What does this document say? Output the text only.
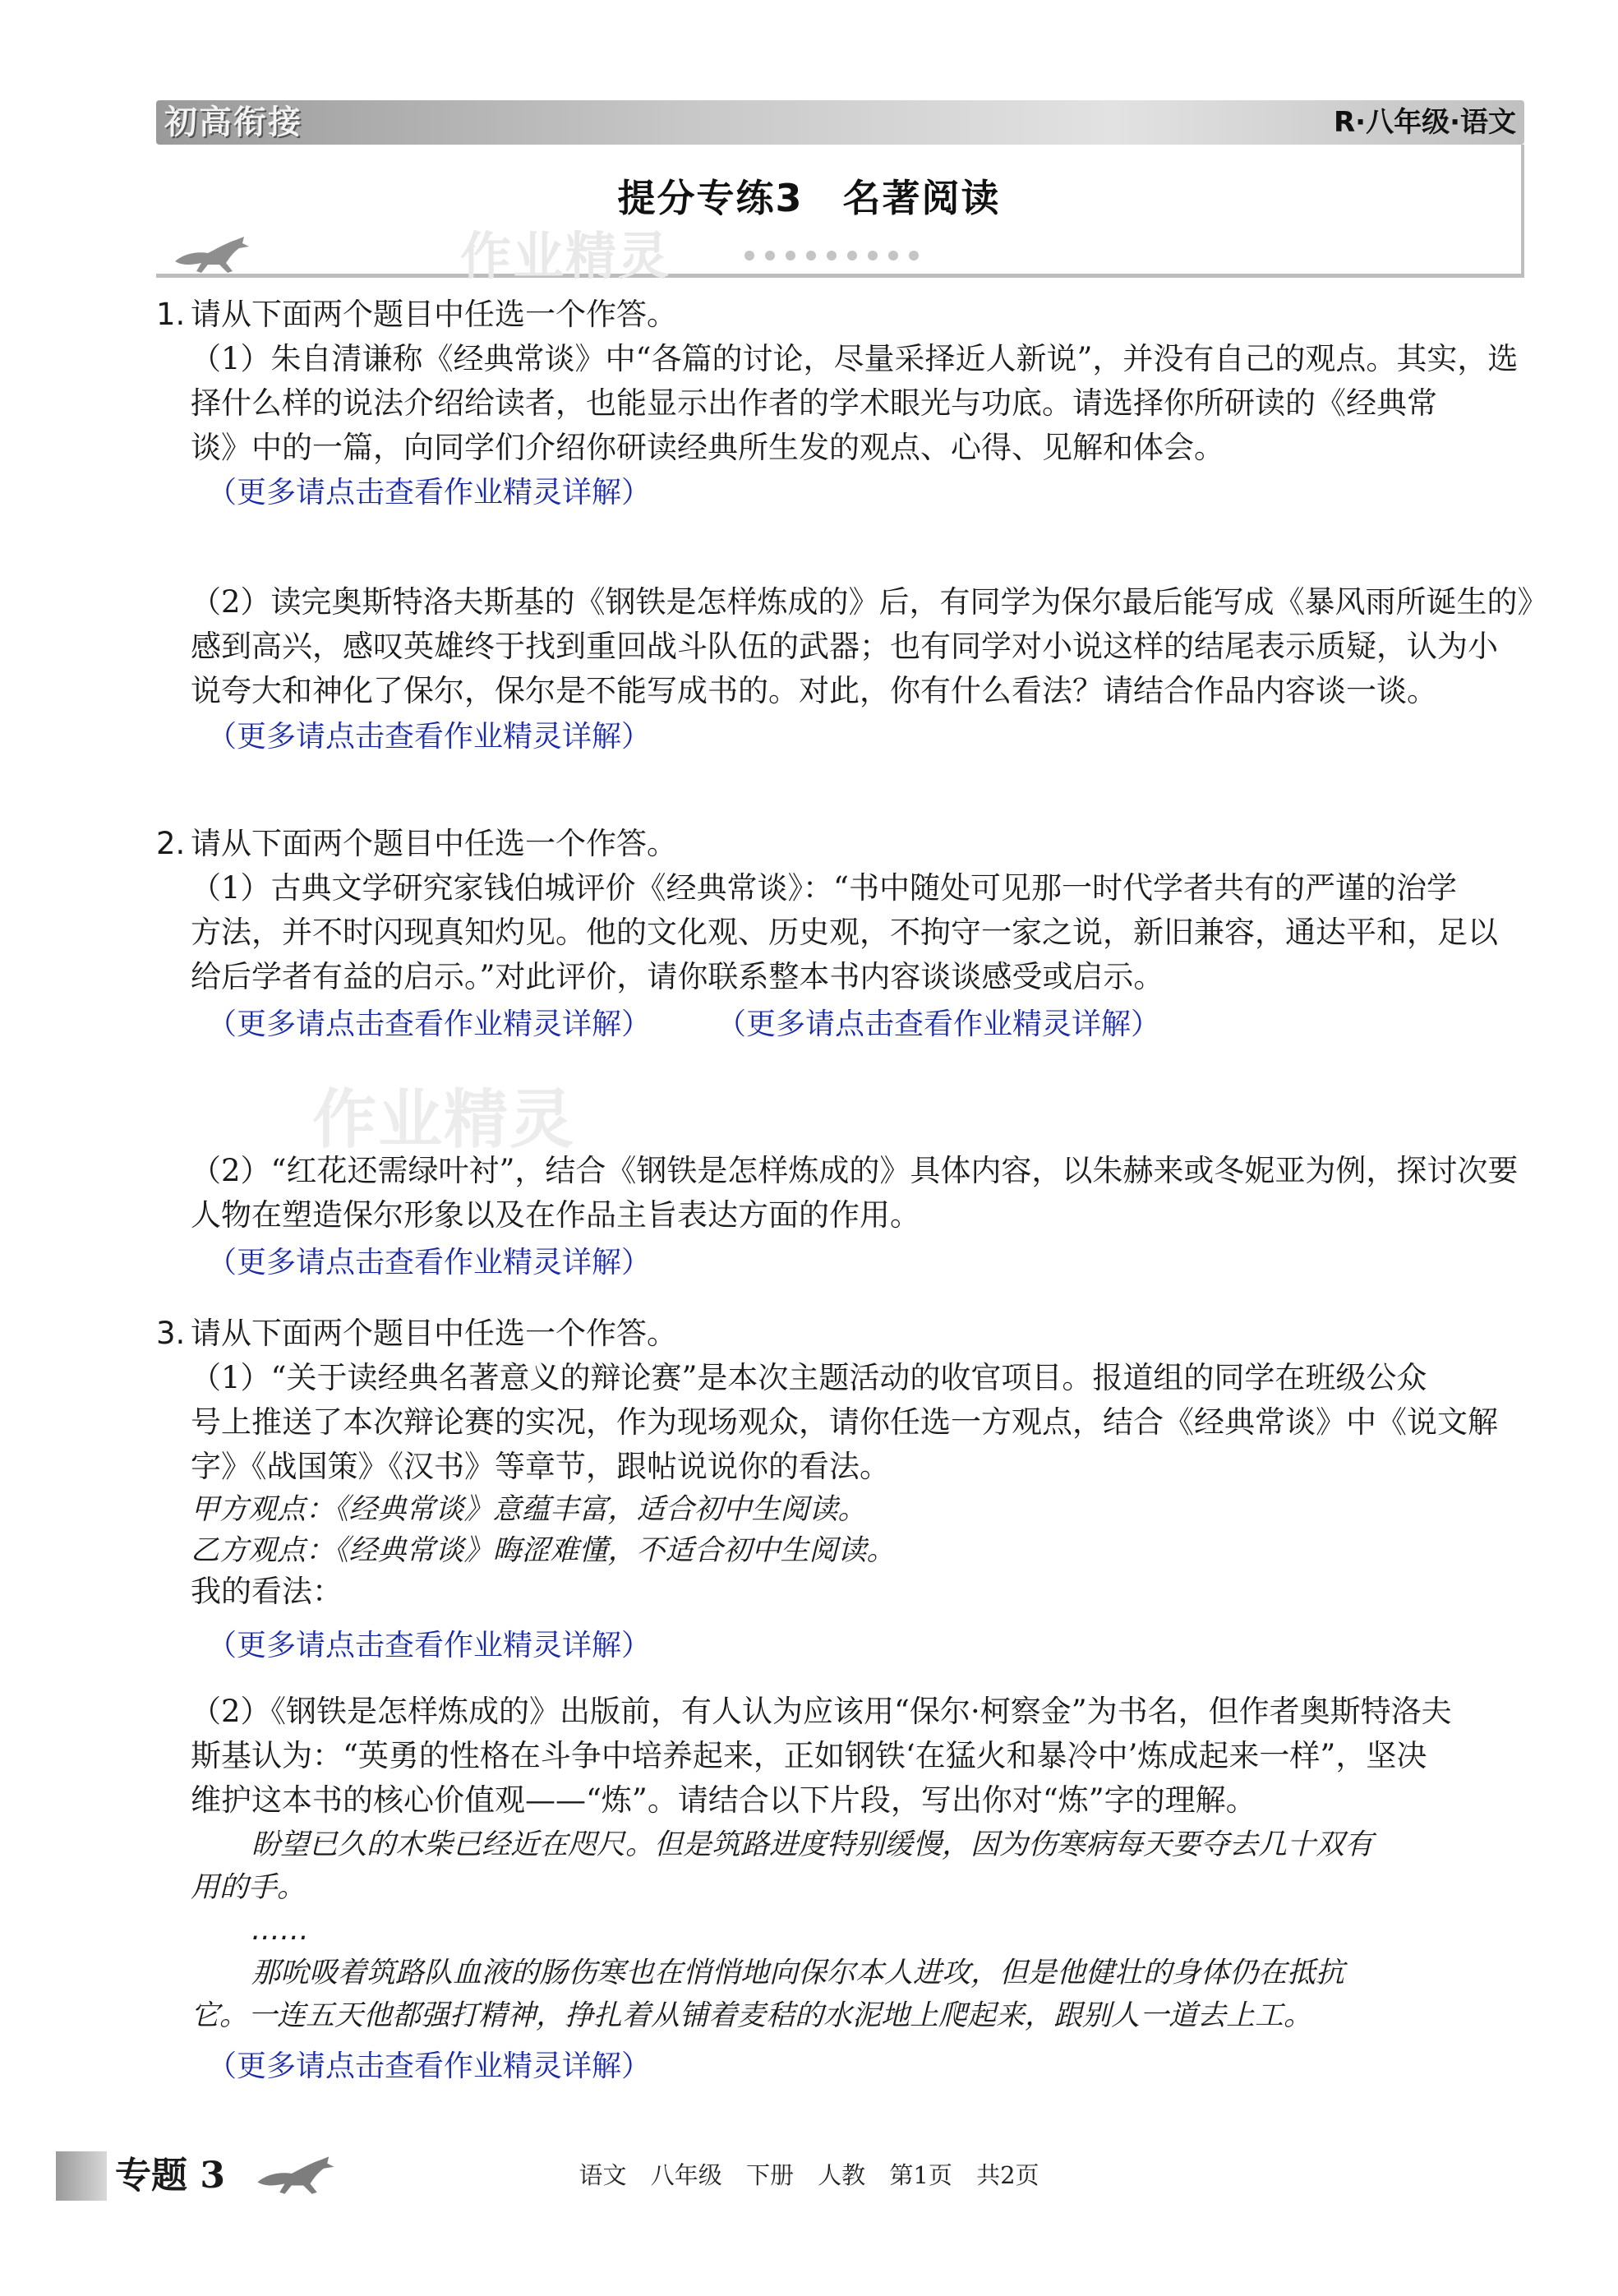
初高衔接	R·八年级·语文
提分专练3　名著阅读
作业精灵
作业精灵
1. 请从下面两个题目中任选一个作答。
（1）朱自清谦称《经典常谈》中“各篇的讨论，尽量采择近人新说”，并没有自己的观点。其实，选
择什么样的说法介绍给读者，也能显示出作者的学术眼光与功底。请选择你所研读的《经典常
谈》中的一篇，向同学们介绍你研读经典所生发的观点、心得、见解和体会。
（更多请点击查看作业精灵详解）
（2）读完奥斯特洛夫斯基的《钢铁是怎样炼成的》后，有同学为保尔最后能写成《暴风雨所诞生的》
感到高兴，感叹英雄终于找到重回战斗队伍的武器；也有同学对小说这样的结尾表示质疑，认为小
说夸大和神化了保尔，保尔是不能写成书的。对此，你有什么看法？请结合作品内容谈一谈。
（更多请点击查看作业精灵详解）
2. 请从下面两个题目中任选一个作答。
（1）古典文学研究家钱伯城评价《经典常谈》：“书中随处可见那一时代学者共有的严谨的治学
方法，并不时闪现真知灼见。他的文化观、历史观，不拘守一家之说，新旧兼容，通达平和，足以
给后学者有益的启示。”对此评价，请你联系整本书内容谈谈感受或启示。
（更多请点击查看作业精灵详解） （更多请点击查看作业精灵详解）
（2）“红花还需绿叶衬”，结合《钢铁是怎样炼成的》具体内容，以朱赫来或冬妮亚为例，探讨次要
人物在塑造保尔形象以及在作品主旨表达方面的作用。
（更多请点击查看作业精灵详解）
3. 请从下面两个题目中任选一个作答。
（1）“关于读经典名著意义的辩论赛”是本次主题活动的收官项目。报道组的同学在班级公众
号上推送了本次辩论赛的实况，作为现场观众，请你任选一方观点，结合《经典常谈》中《说文解
字》《战国策》《汉书》等章节，跟帖说说你的看法。
甲方观点：《经典常谈》意蕴丰富，适合初中生阅读。
乙方观点：《经典常谈》晦涩难懂，不适合初中生阅读。
我的看法：
（更多请点击查看作业精灵详解）
（2）《钢铁是怎样炼成的》出版前，有人认为应该用“保尔·柯察金”为书名，但作者奥斯特洛夫
斯基认为：“英勇的性格在斗争中培养起来，正如钢铁‘在猛火和暴冷中’炼成起来一样”，坚决
维护这本书的核心价值观——“炼”。请结合以下片段，写出你对“炼”字的理解。
盼望已久的木柴已经近在咫尺。但是筑路进度特别缓慢，因为伤寒病每天要夺去几十双有
用的手。
……
那吮吸着筑路队血液的肠伤寒也在悄悄地向保尔本人进攻，但是他健壮的身体仍在抵抗
它。一连五天他都强打精神，挣扎着从铺着麦秸的水泥地上爬起来，跟别人一道去上工。
（更多请点击查看作业精灵详解）
专题 3	语文 八年级 下册 人教 第1页 共2页
